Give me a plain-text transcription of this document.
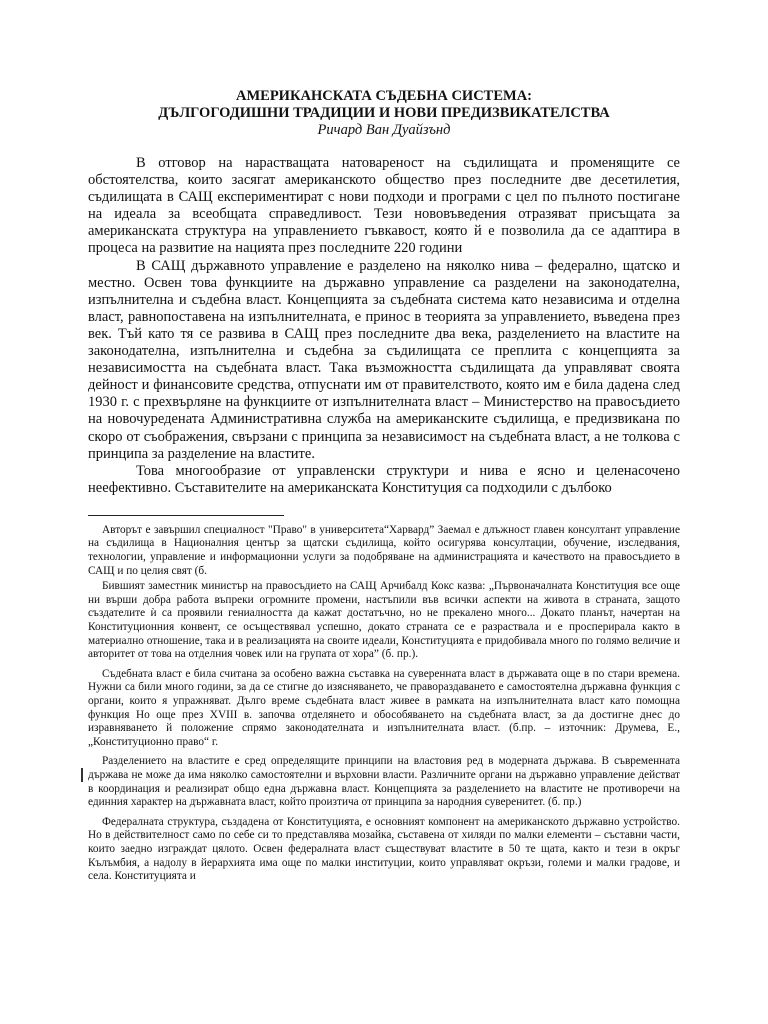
АМЕРИКАНСКАТА СЪДЕБНА СИСТЕМА:

ДЪЛГОГОДИШНИ ТРАДИЦИИ И НОВИ ПРЕДИЗВИКАТЕЛСТВА

Ричард Ван Дуайзънд

В отговор на нарастващата натовареност на съдилищата и променящите се обстоятелства, които засягат американското общество през последните две десетилетия, съдилищата в САЩ експериментират с нови подходи и програми с цел по пълното постигане на идеала за всеобщата справедливост. Тези нововъведения отразяват присъщата за американската структура на управлението гъвкавост, която й е позволила да се адаптира в процеса на развитие на нацията през последните 220 години

В САЩ държавното управление е разделено на няколко нива – федерално, щатско и местно. Освен това функциите на държавно управление са разделени на законодателна, изпълнителна и съдебна власт. Концепцията за съдебната система като независима и отделна власт, равнопоставена на изпълнителната, е принос в теорията за управлението, въведена през век. Тъй като тя се развива в САЩ през последните два века, разделението на властите на законодателна, изпълнителна и съдебна за съдилищата се преплита с концепцията за независимостта на съдебната власт. Така възможността съдилищата да управляват своята дейност и финансовите средства, отпуснати им от правителството, която им е била дадена след 1930 г. с прехвърляне на функциите от изпълнителната власт – Министерство на правосъдието на новочуредената Административна служба на американските съдилища, е предизвикана по скоро от съображения, свързани с принципа за независимост на съдебната власт, а не толкова с принципа за разделение на властите.

Това многообразие от управленски структури и нива е ясно и целенасочено неефективно. Съставителите на американската Конституция са подходили с дълбоко

Авторът е завършил специалност "Право" в университета“Харвард” Заемал е длъжност главен консултант управление на съдилища в Националния център за щатски съдилища, който осигурява консултации, обучение, изследвания, технологии, управление и информационни услуги за подобряване на администрацията и качеството на правосъдието в САЩ и по целия свят (б.

Бившият заместник министър на правосъдието на САЩ Арчибалд Кокс казва: „Първоначалната Конституция все още ни върши добра работа въпреки огромните промени, настъпили във всички аспекти на живота в страната, защото създателите ѝ са проявили гениалността да кажат достатъчно, но не прекалено много... Докато планът, начертан на Конституционния конвент, се осъществявал успешно, докато страната се е разраствала и е просперирала както в материално отношение, така и в реализацията на своите идеали, Конституцията е придобивала много по голямо величие и авторитет от това на отделния човек или на групата от хора” (б. пр.).

Съдебната власт е била считана за особено важна съставка на суверенната власт в държавата още в по стари времена. Нужни са били много години, за да се стигне до изясняването, че правораздаването е самостоятелна държавна функция с органи, които я упражняват. Дълго време съдебната власт живее в рамката на изпълнителната власт като помощна функция Но още през XVIII в. започва отделянето и обособяването на съдебната власт, за да достигне днес до изравняването й положение спрямо законодателната и изпълнителната власт. (б.пр. – източник: Друмева, Е., „Конституционно право“ г.

Разделението на властите е сред определящите принципи на властовия ред в модерната държава. В съвременната държава не може да има няколко самостоятелни и върховни власти. Различните органи на държавно управление действат в координация и реализират общо една държавна власт. Концепцията за разделението на властите не противоречи на единния характер на държавната власт, който произтича от принципа за народния суверенитет. (б. пр.)

Федералната структура, създадена от Конституцията, е основният компонент на американското държавно устройство. Но в действителност само по себе си то представлява мозайка, съставена от хиляди по малки елементи – съставни части, които заедно изграждат цялото. Освен федералната власт съществуват властите в 50 те щата, както и тези в окръг Кълъмбия, а надолу в йерархията има още по малки институции, които управляват окръзи, големи и малки градове, и села. Конституцията и
